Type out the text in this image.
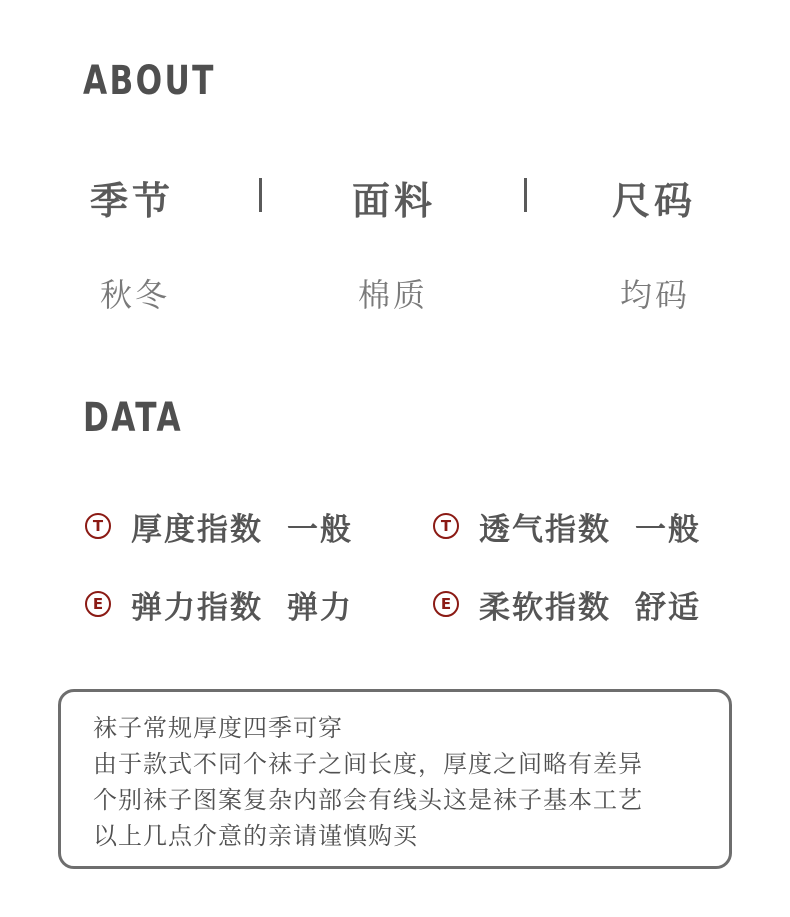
ABOUT
季节	面料	尺码
秋冬	棉质	均码
DATA
T 厚度指数 一般	T 透气指数 一般
E 弹力指数 弹力	E 柔软指数 舒适
袜子常规厚度四季可穿
由于款式不同个袜子之间长度，厚度之间略有差异
个别袜子图案复杂内部会有线头这是袜子基本工艺
以上几点介意的亲请谨慎购买
